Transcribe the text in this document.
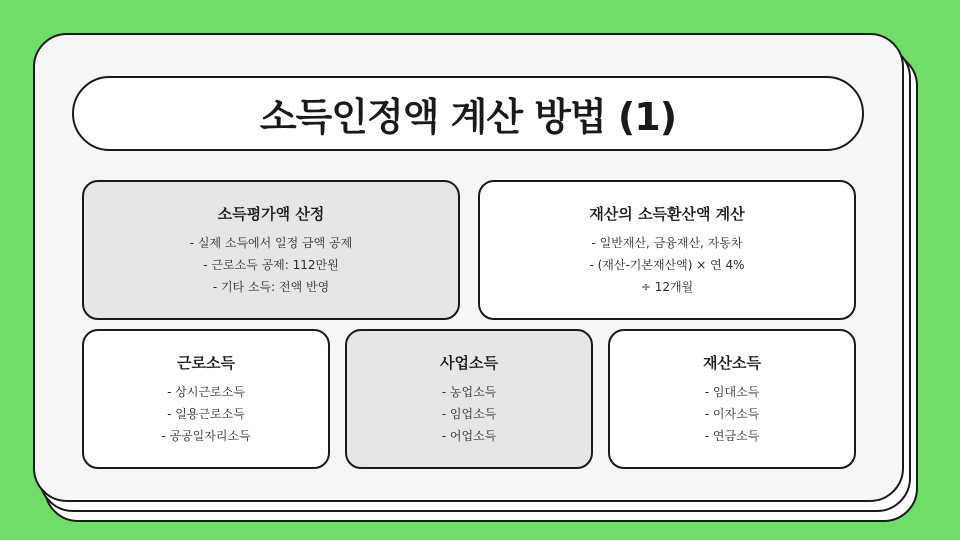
소득인정액 계산 방법 (1)
소득평가액 산정
- 실제 소득에서 일정 금액 공제
- 근로소득 공제: 112만원
- 기타 소득: 전액 반영
재산의 소득환산액 계산
- 일반재산, 금융재산, 자동차
- (재산-기본재산액) × 연 4%
÷ 12개월
근로소득
- 상시근로소득
- 일용근로소득
- 공공일자리소득
사업소득
- 농업소득
- 임업소득
- 어업소득
재산소득
- 임대소득
- 이자소득
- 연금소득
